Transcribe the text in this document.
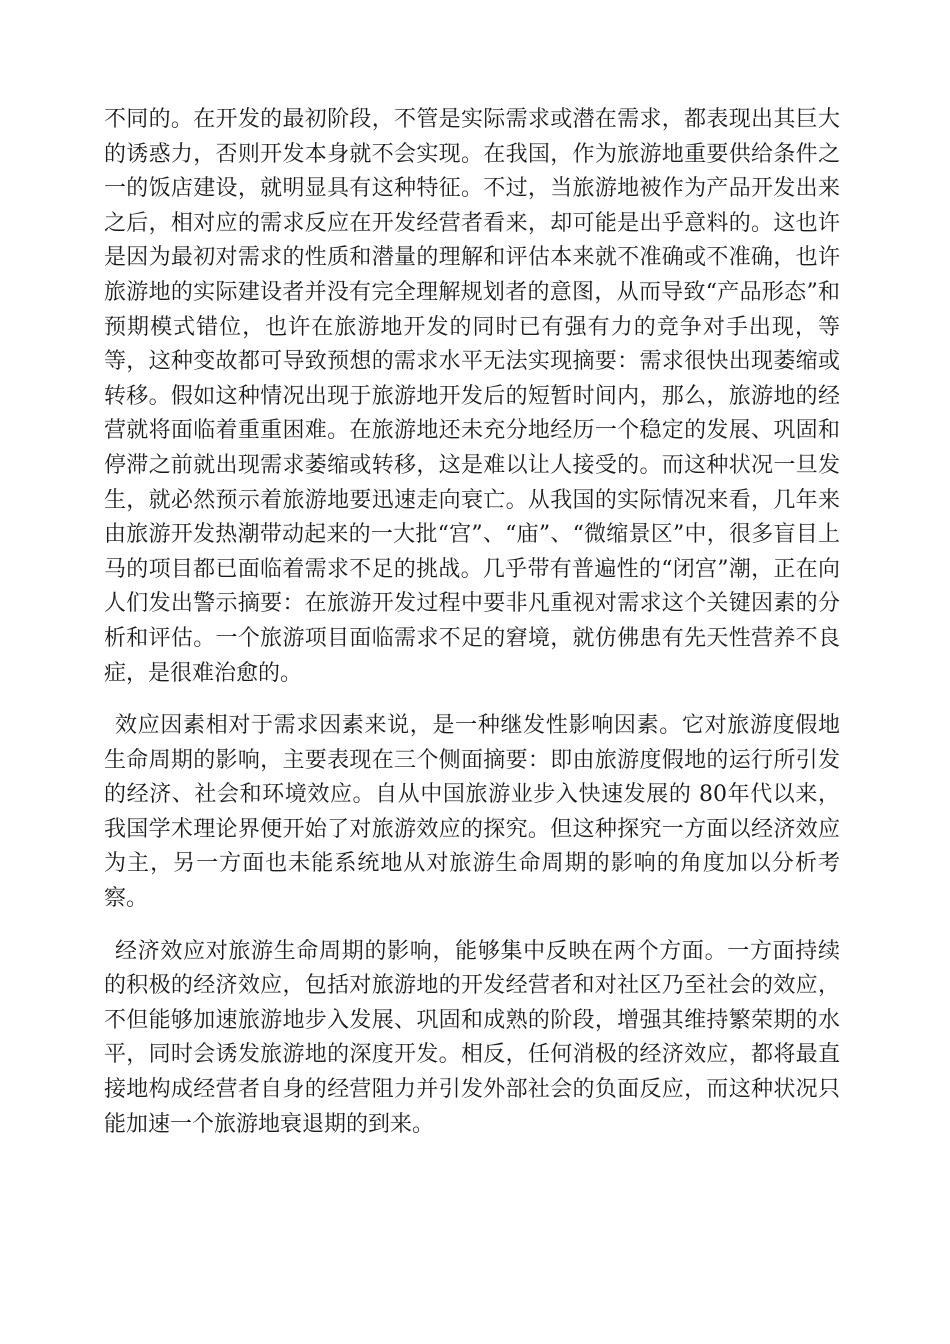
不同的。在开发的最初阶段，不管是实际需求或潜在需求，都表现出其巨大的诱惑力，否则开发本身就不会实现。在我国，作为旅游地重要供给条件之一的饭店建设，就明显具有这种特征。不过，当旅游地被作为产品开发出来之后，相对应的需求反应在开发经营者看来，却可能是出乎意料的。这也许是因为最初对需求的性质和潜量的理解和评估本来就不准确或不准确，也许旅游地的实际建设者并没有完全理解规划者的意图，从而导致“产品形态”和预期模式错位，也许在旅游地开发的同时已有强有力的竞争对手出现，等等，这种变故都可导致预想的需求水平无法实现摘要：需求很快出现萎缩或转移。假如这种情况出现于旅游地开发后的短暂时间内，那么，旅游地的经营就将面临着重重困难。在旅游地还未充分地经历一个稳定的发展、巩固和停滞之前就出现需求萎缩或转移，这是难以让人接受的。而这种状况一旦发生，就必然预示着旅游地要迅速走向衰亡。从我国的实际情况来看，几年来由旅游开发热潮带动起来的一大批“宫”、“庙”、“微缩景区”中，很多盲目上马的项目都已面临着需求不足的挑战。几乎带有普遍性的“闭宫”潮，正在向人们发出警示摘要：在旅游开发过程中要非凡重视对需求这个关键因素的分析和评估。一个旅游项目面临需求不足的窘境，就仿佛患有先天性营养不良症，是很难治愈的。

效应因素相对于需求因素来说，是一种继发性影响因素。它对旅游度假地生命周期的影响，主要表现在三个侧面摘要：即由旅游度假地的运行所引发的经济、社会和环境效应。自从中国旅游业步入快速发展的 80年代以来，我国学术理论界便开始了对旅游效应的探究。但这种探究一方面以经济效应为主，另一方面也未能系统地从对旅游生命周期的影响的角度加以分析考察。

经济效应对旅游生命周期的影响，能够集中反映在两个方面。一方面持续的积极的经济效应，包括对旅游地的开发经营者和对社区乃至社会的效应，不但能够加速旅游地步入发展、巩固和成熟的阶段，增强其维持繁荣期的水平，同时会诱发旅游地的深度开发。相反，任何消极的经济效应，都将最直接地构成经营者自身的经营阻力并引发外部社会的负面反应，而这种状况只能加速一个旅游地衰退期的到来。
